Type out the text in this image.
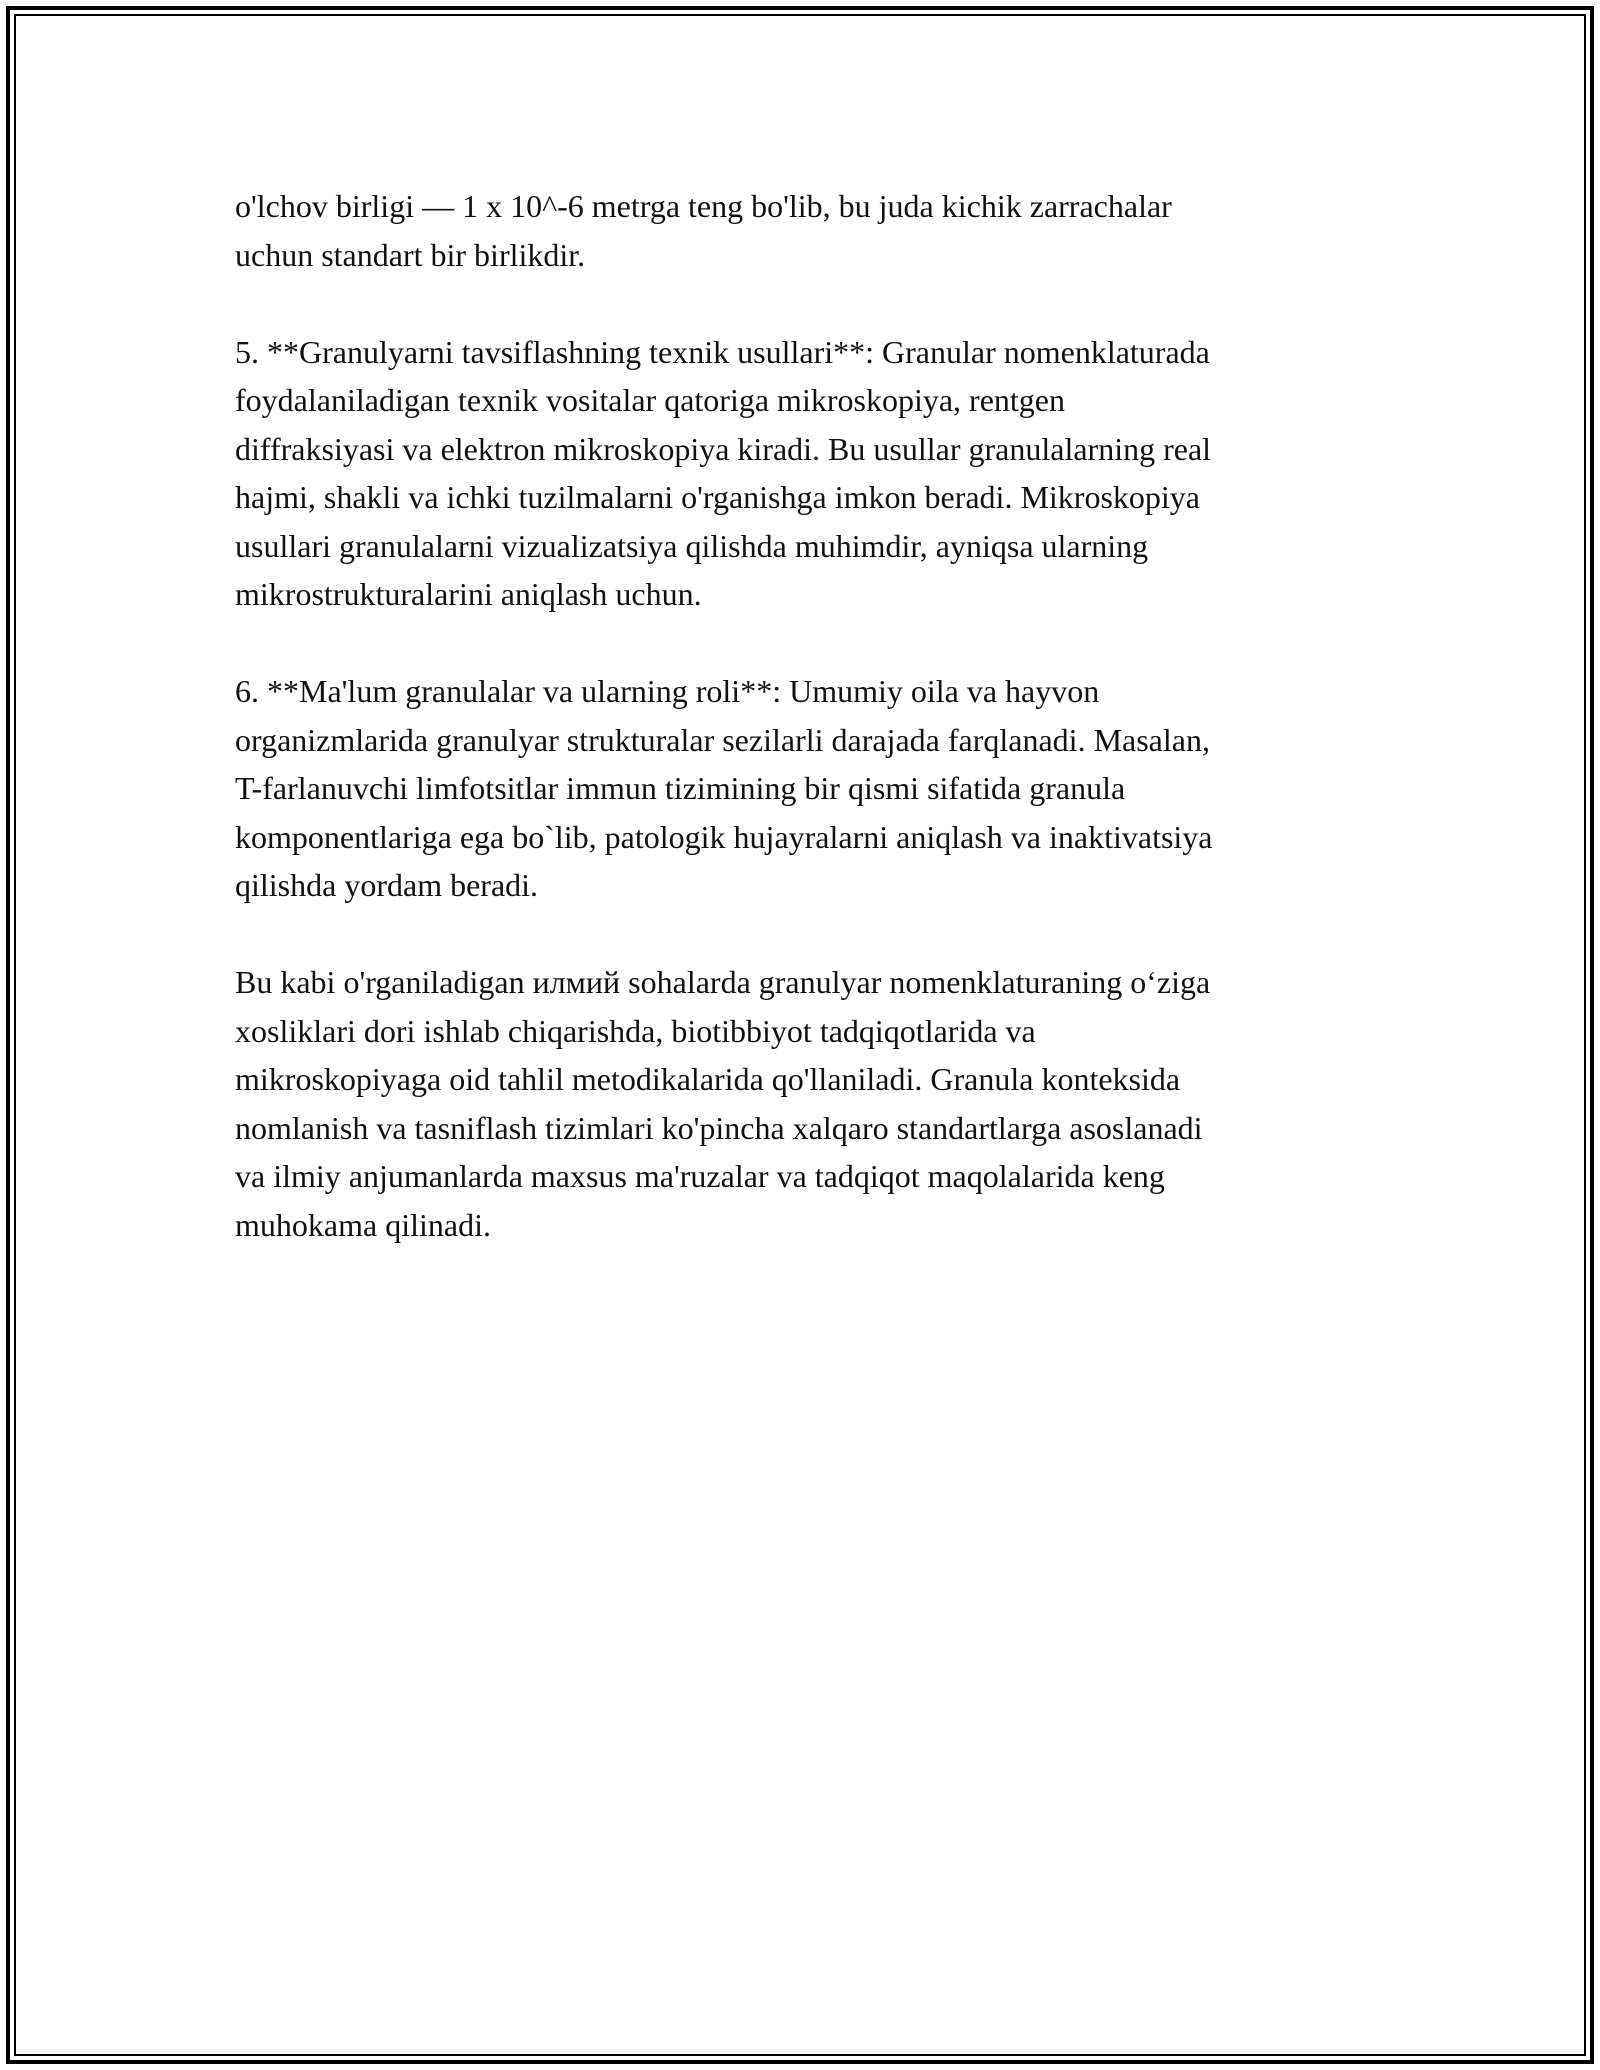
o'lchov birligi — 1 x 10^-6 metrga teng bo'lib, bu juda kichik zarrachalar
uchun standart bir birlikdir.

5. **Granulyarni tavsiflashning texnik usullari**: Granular nomenklaturada
foydalaniladigan texnik vositalar qatoriga mikroskopiya, rentgen
diffraksiyasi va elektron mikroskopiya kiradi. Bu usullar granulalarning real
hajmi, shakli va ichki tuzilmalarni o'rganishga imkon beradi. Mikroskopiya
usullari granulalarni vizualizatsiya qilishda muhimdir, ayniqsa ularning
mikrostrukturalarini aniqlash uchun.

6. **Ma'lum granulalar va ularning roli**: Umumiy oila va hayvon
organizmlarida granulyar strukturalar sezilarli darajada farqlanadi. Masalan,
T-farlanuvchi limfotsitlar immun tizimining bir qismi sifatida granula
komponentlariga ega bo`lib, patologik hujayralarni aniqlash va inaktivatsiya
qilishda yordam beradi.

Bu kabi o'rganiladigan илмий sohalarda granulyar nomenklaturaning o‘ziga
xosliklari dori ishlab chiqarishda, biotibbiyot tadqiqotlarida va
mikroskopiyaga oid tahlil metodikalarida qo'llaniladi. Granula konteksida
nomlanish va tasniflash tizimlari ko'pincha xalqaro standartlarga asoslanadi
va ilmiy anjumanlarda maxsus ma'ruzalar va tadqiqot maqolalarida keng
muhokama qilinadi.
